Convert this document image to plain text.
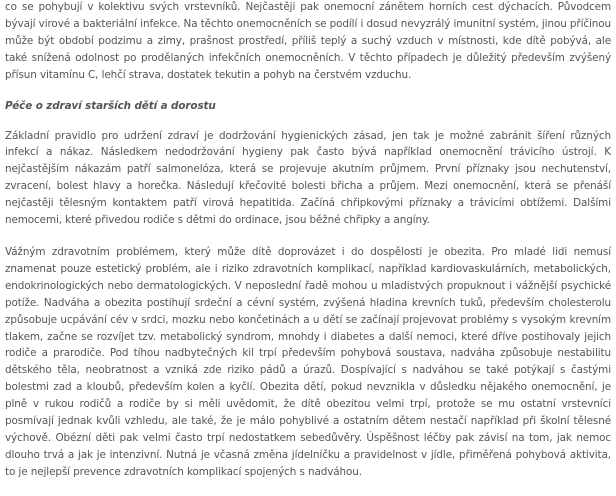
co se pohybují v kolektivu svých vrstevníků. Nejčastěji pak onemocní zánětem horních cest dýchacích. Původcem bývají virové a bakteriální infekce. Na těchto onemocněních se podílí i dosud nevyzrálý imunitní systém, jinou příčinou může být období podzimu a zimy, prašnost prostředí, příliš teplý a suchý vzduch v místnosti, kde dítě pobývá, ale také snížená odolnost po prodělaných infekčních onemocněních. V těchto případech je důležitý především zvýšený přísun vitamínu C, lehčí strava, dostatek tekutin a pohyb na čerstvém vzduchu.

Péče o zdraví starších dětí a dorostu

Základní pravidlo pro udržení zdraví je dodržování hygienických zásad, jen tak je možné zabránit šíření různých infekcí a nákaz. Následkem nedodržování hygieny pak často bývá například onemocnění trávicího ústrojí. K nejčastějším nákazám patří salmonelóza, která se projevuje akutním průjmem. První příznaky jsou nechutenství, zvracení, bolest hlavy a horečka. Následují křečovité bolesti břicha a průjem. Mezi onemocnění, která se přenáší nejčastěji tělesným kontaktem patří virová hepatitida. Začíná chřipkovými příznaky a trávicími obtížemi. Dalšími nemocemi, které přivedou rodiče s dětmi do ordinace, jsou běžné chřipky a angíny.

Vážným zdravotním problémem, který může dítě doprovázet i do dospělosti je obezita. Pro mladé lidi nemusí znamenat pouze estetický problém, ale i riziko zdravotních komplikací, například kardiovaskulárních, metabolických, endokrinologických nebo dermatologických. V neposlední řadě mohou u mladistvých propuknout i vážnější psychické potíže. Nadváha a obezita postihují srdeční a cévní systém, zvýšená hladina krevních tuků, především cholesterolu způsobuje ucpávání cév v srdci, mozku nebo končetinách a u dětí se začínají projevovat problémy s vysokým krevním tlakem, začne se rozvíjet tzv. metabolický syndrom, mnohdy i diabetes a další nemoci, které dříve postihovaly jejich rodiče a prarodiče. Pod tíhou nadbytečných kil trpí především pohybová soustava, nadváha způsobuje nestabilitu dětského těla, neobratnost a vzniká zde riziko pádů a úrazů. Dospívající s nadváhou se také potýkají s častými bolestmi zad a kloubů, především kolen a kyčlí. Obezita dětí, pokud nevznikla v důsledku nějakého onemocnění, je plně v rukou rodičů a rodiče by si měli uvědomit, že dítě obezitou velmi trpí, protože se mu ostatní vrstevníci posmívají jednak kvůli vzhledu, ale také, že je málo pohyblivé a ostatním dětem nestačí například při školní tělesné výchově. Obézní děti pak velmi často trpí nedostatkem sebedůvěry. Úspěšnost léčby pak závisí na tom, jak nemoc dlouho trvá a jak je intenzivní. Nutná je včasná změna jídelníčku a pravidelnost v jídle, přiměřená pohybová aktivita, to je nejlepší prevence zdravotních komplikací spojených s nadváhou.
